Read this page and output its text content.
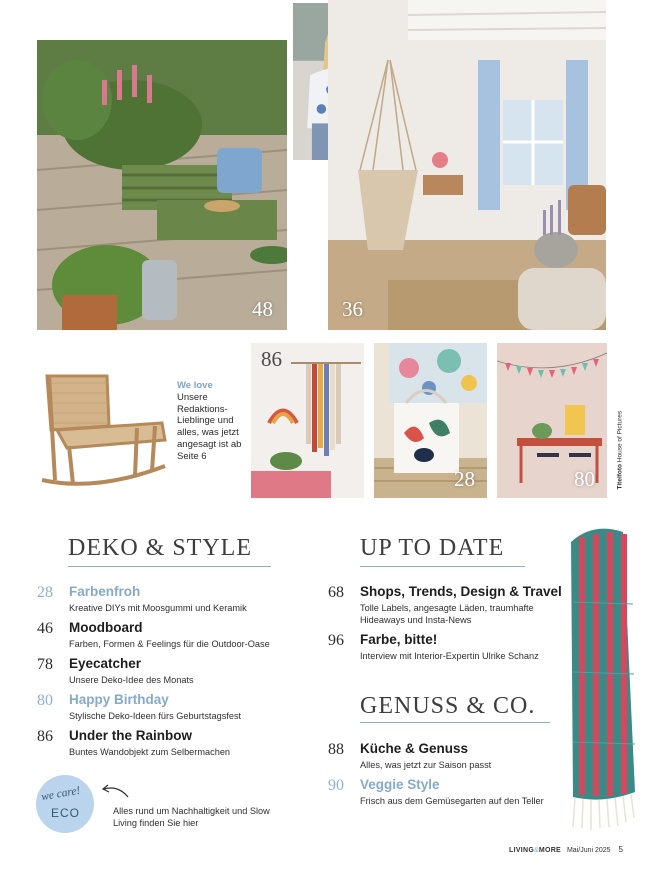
48	36
86
28	80
We love
Unsere Redaktions-Lieblinge und alles, was jetzt angesagt ist ab Seite 6
Titelfoto House of Pictures
DEKO & STYLE
28 Farbenfroh
Kreative DIYs mit Moosgummi und Keramik
46 Moodboard
Farben, Formen & Feelings für die Outdoor-Oase
78 Eyecatcher
Unsere Deko-Idee des Monats
80 Happy Birthday
Stylische Deko-Ideen fürs Geburtstagsfest
86 Under the Rainbow
Buntes Wandobjekt zum Selbermachen
UP TO DATE
68 Shops, Trends, Design & Travel
Tolle Labels, angesagte Läden, traumhafte Hideaways und Insta-News
96 Farbe, bitte!
Interview mit Interior-Expertin Ulrike Schanz
GENUSS & CO.
88 Küche & Genuss
Alles, was jetzt zur Saison passt
90 Veggie Style
Frisch aus dem Gemüsegarten auf den Teller
we care!
ECO	Alles rund um Nachhaltigkeit und Slow Living finden Sie hier
LIVING&MORE Mai/Juni 2025 5
